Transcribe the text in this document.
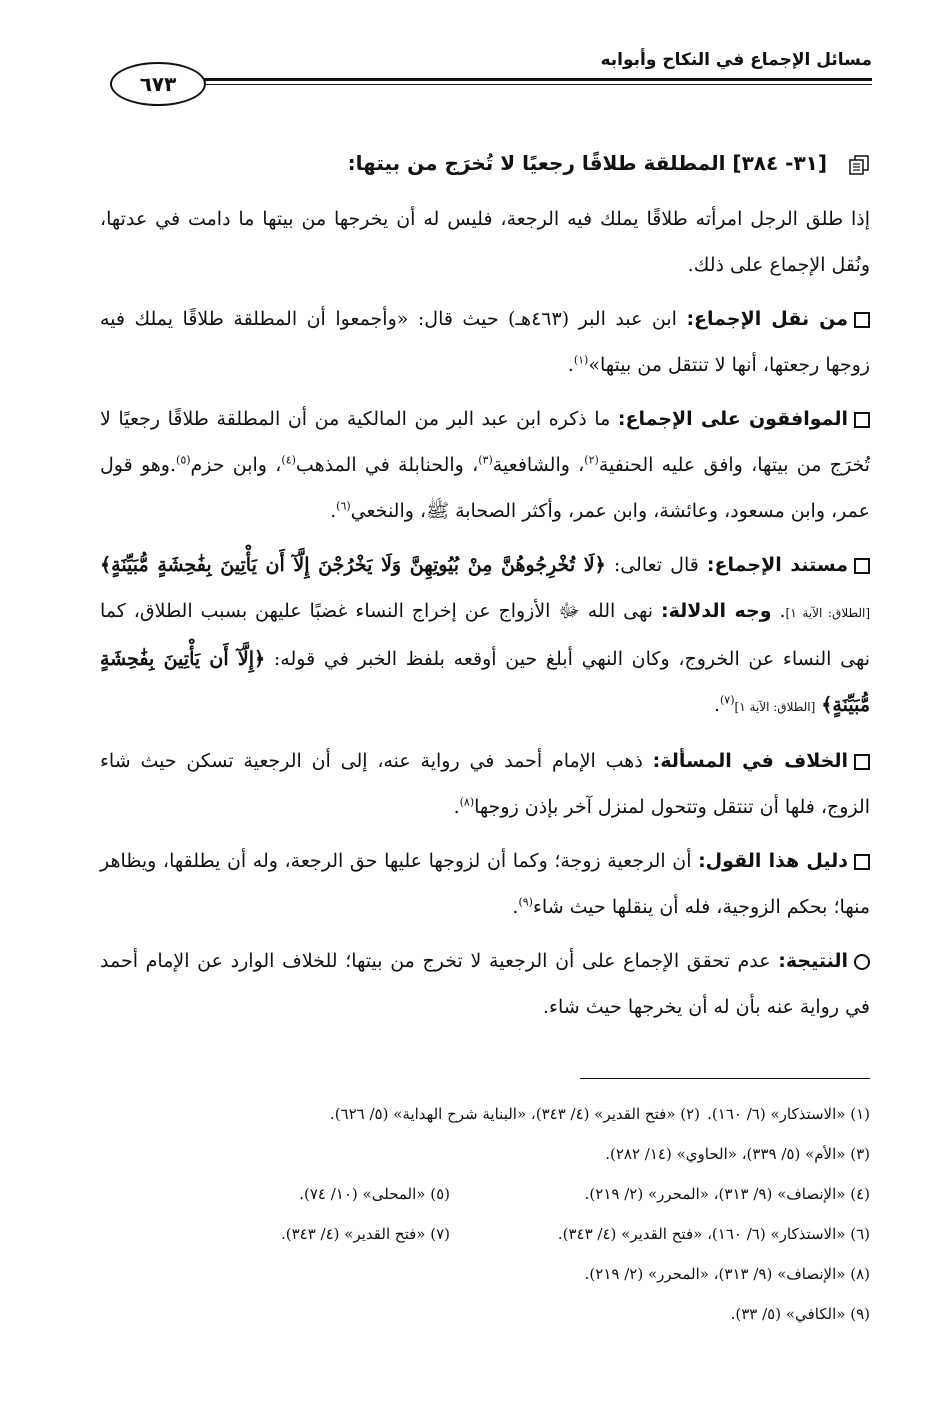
مسائل الإجماع في النكاح وأبوابه
٦٧٣
[٣١- ٣٨٤] المطلقة طلاقًا رجعيًا لا تُخرَج من بيتها:

إذا طلق الرجل امرأته طلاقًا يملك فيه الرجعة، فليس له أن يخرجها من بيتها ما دامت في عدتها، ونُقل الإجماع على ذلك.

من نقل الإجماع: ابن عبد البر (٤٦٣هـ) حيث قال: «وأجمعوا أن المطلقة طلاقًا يملك فيه زوجها رجعتها، أنها لا تنتقل من بيتها»$^{(١)}$.

الموافقون على الإجماع: ما ذكره ابن عبد البر من المالكية من أن المطلقة طلاقًا رجعيًا لا تُخرَج من بيتها، وافق عليه الحنفية$^{(٢)}$، والشافعية$^{(٣)}$، والحنابلة في المذهب$^{(٤)}$، وابن حزم$^{(٥)}$.وهو قول عمر، وابن مسعود، وعائشة، وابن عمر، وأكثر الصحابة ﷺ، والنخعي$^{(٦)}$.

مستند الإجماع: قال تعالى: ﴿لَا تُخْرِجُوهُنَّ مِنْ بُيُوتِهِنَّ وَلَا يَخْرُجْنَ إِلَّآ أَن يَأْتِينَ بِفَٰحِشَةٍ مُّبَيِّنَةٍ﴾ [الطلاق: الآية ١]. وجه الدلالة: نهى الله ﷻ الأزواج عن إخراج النساء غضبًا عليهن بسبب الطلاق، كما نهى النساء عن الخروج، وكان النهي أبلغ حين أوقعه بلفظ الخبر في قوله: ﴿إِلَّآ أَن يَأْتِينَ بِفَٰحِشَةٍ مُّبَيِّنَةٍ﴾ [الطلاق: الآية ١]$^{(٧)}$.

الخلاف في المسألة: ذهب الإمام أحمد في رواية عنه، إلى أن الرجعية تسكن حيث شاء الزوج، فلها أن تنتقل وتتحول لمنزل آخر بإذن زوجها$^{(٨)}$.

دليل هذا القول: أن الرجعية زوجة؛ وكما أن لزوجها عليها حق الرجعة، وله أن يطلقها، ويظاهر منها؛ بحكم الزوجية، فله أن ينقلها حيث شاء$^{(٩)}$.

النتيجة: عدم تحقق الإجماع على أن الرجعية لا تخرج من بيتها؛ للخلاف الوارد عن الإمام أحمد في رواية عنه بأن له أن يخرجها حيث شاء.

(١) «الاستذكار» (٦/ ١٦٠).
(٢) «فتح القدير» (٤/ ٣٤٣)، «البناية شرح الهداية» (٥/ ٦٢٦).
(٣) «الأم» (٥/ ٣٣٩)، «الحاوي» (١٤/ ٢٨٢).
(٤) «الإنصاف» (٩/ ٣١٣)، «المحرر» (٢/ ٢١٩).
(٥) «المحلى» (١٠/ ٧٤).
(٦) «الاستذكار» (٦/ ١٦٠)، «فتح القدير» (٤/ ٣٤٣).
(٧) «فتح القدير» (٤/ ٣٤٣).
(٨) «الإنصاف» (٩/ ٣١٣)، «المحرر» (٢/ ٢١٩).
(٩) «الكافي» (٥/ ٣٣).
